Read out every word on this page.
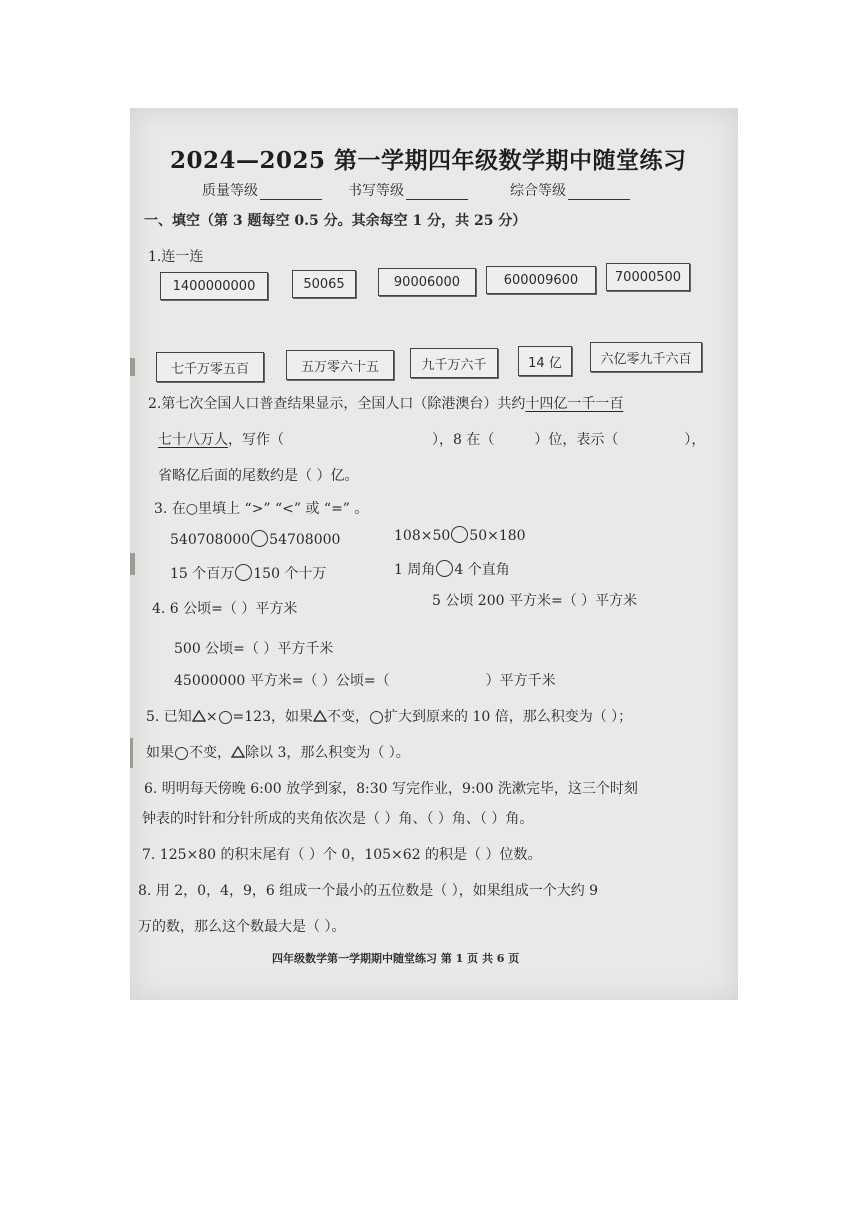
2024—2025 第一学期四年级数学期中随堂练习
质量等级	书写等级	综合等级
一、填空（第 3 题每空 0.5 分。其余每空 1 分，共 25 分）
1.连一连
1400000000	50065	90006000	600009600	70000500
七千万零五百	五万零六十五	九千万六千	14 亿	六亿零九千六百
2.第七次全国人口普查结果显示，全国人口（除港澳台）共约十四亿一千一百
七十八万人，写作（	），8 在（	）位，表示（	），
省略亿后面的尾数约是（ ）亿。
3. 在○里填上 “>” “<” 或 “=” 。
540708000 54708000	108×50 50×180
15 个百万 150 个十万	1 周角 4 个直角
4. 6 公顷=（ ）平方米	5 公顷 200 平方米=（ ）平方米
500 公顷=（ ）平方千米
45000000 平方米=（ ）公顷=（	）平方千米
5. 已知 × =123，如果 不变， 扩大到原来的 10 倍，那么积变为（ ）；
如果 不变， 除以 3，那么积变为（ ）。
6. 明明每天傍晚 6:00 放学到家，8:30 写完作业，9:00 洗漱完毕，这三个时刻
钟表的时针和分针所成的夹角依次是（ ）角、（ ）角、（ ）角。
7. 125×80 的积末尾有（ ）个 0，105×62 的积是（ ）位数。
8. 用 2，0，4，9，6 组成一个最小的五位数是（ ），如果组成一个大约 9
万的数，那么这个数最大是（ ）。
四年级数学第一学期期中随堂练习 第 1 页 共 6 页
